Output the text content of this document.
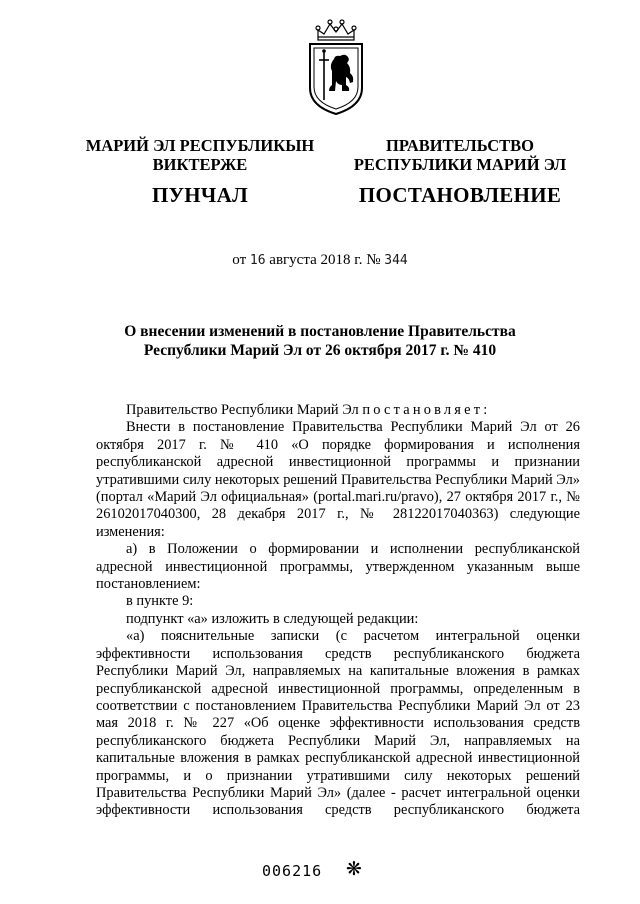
МАРИЙ ЭЛ РЕСПУБЛИКЫН
ВИКТЕРЖЕ
ПУНЧАЛ
ПРАВИТЕЛЬСТВО
РЕСПУБЛИКИ МАРИЙ ЭЛ
ПОСТАНОВЛЕНИЕ
от 16 августа 2018 г. № 344
О внесении изменений в постановление Правительства
Республики Марий Эл от 26 октября 2017 г. № 410

Правительство Республики Марий Эл постановляет:

Внести в постановление Правительства Республики Марий Эл от 26 октября 2017 г. № 410 «О порядке формирования и исполнения республиканской адресной инвестиционной программы и признании утратившими силу некоторых решений Правительства Республики Марий Эл» (портал «Марий Эл официальная» (portal.mari.ru/pravo), 27 октября 2017 г., № 26102017040300, 28 декабря 2017 г., № 28122017040363) следующие изменения:

а) в Положении о формировании и исполнении республиканской адресной инвестиционной программы, утвержденном указанным выше постановлением:

в пункте 9:

подпункт «а» изложить в следующей редакции:

«а) пояснительные записки (с расчетом интегральной оценки эффективности использования средств республиканского бюджета Республики Марий Эл, направляемых на капитальные вложения в рамках республиканской адресной инвестиционной программы, определенным в соответствии с постановлением Правительства Республики Марий Эл от 23 мая 2018 г. № 227 «Об оценке эффективности использования средств республиканского бюджета Республики Марий Эл, направляемых на капитальные вложения в рамках республиканской адресной инвестиционной программы, и о признании утратившими силу некоторых решений Правительства Республики Марий Эл» (далее - расчет интегральной оценки эффективности использования средств республиканского бюджета

006216 ❋
